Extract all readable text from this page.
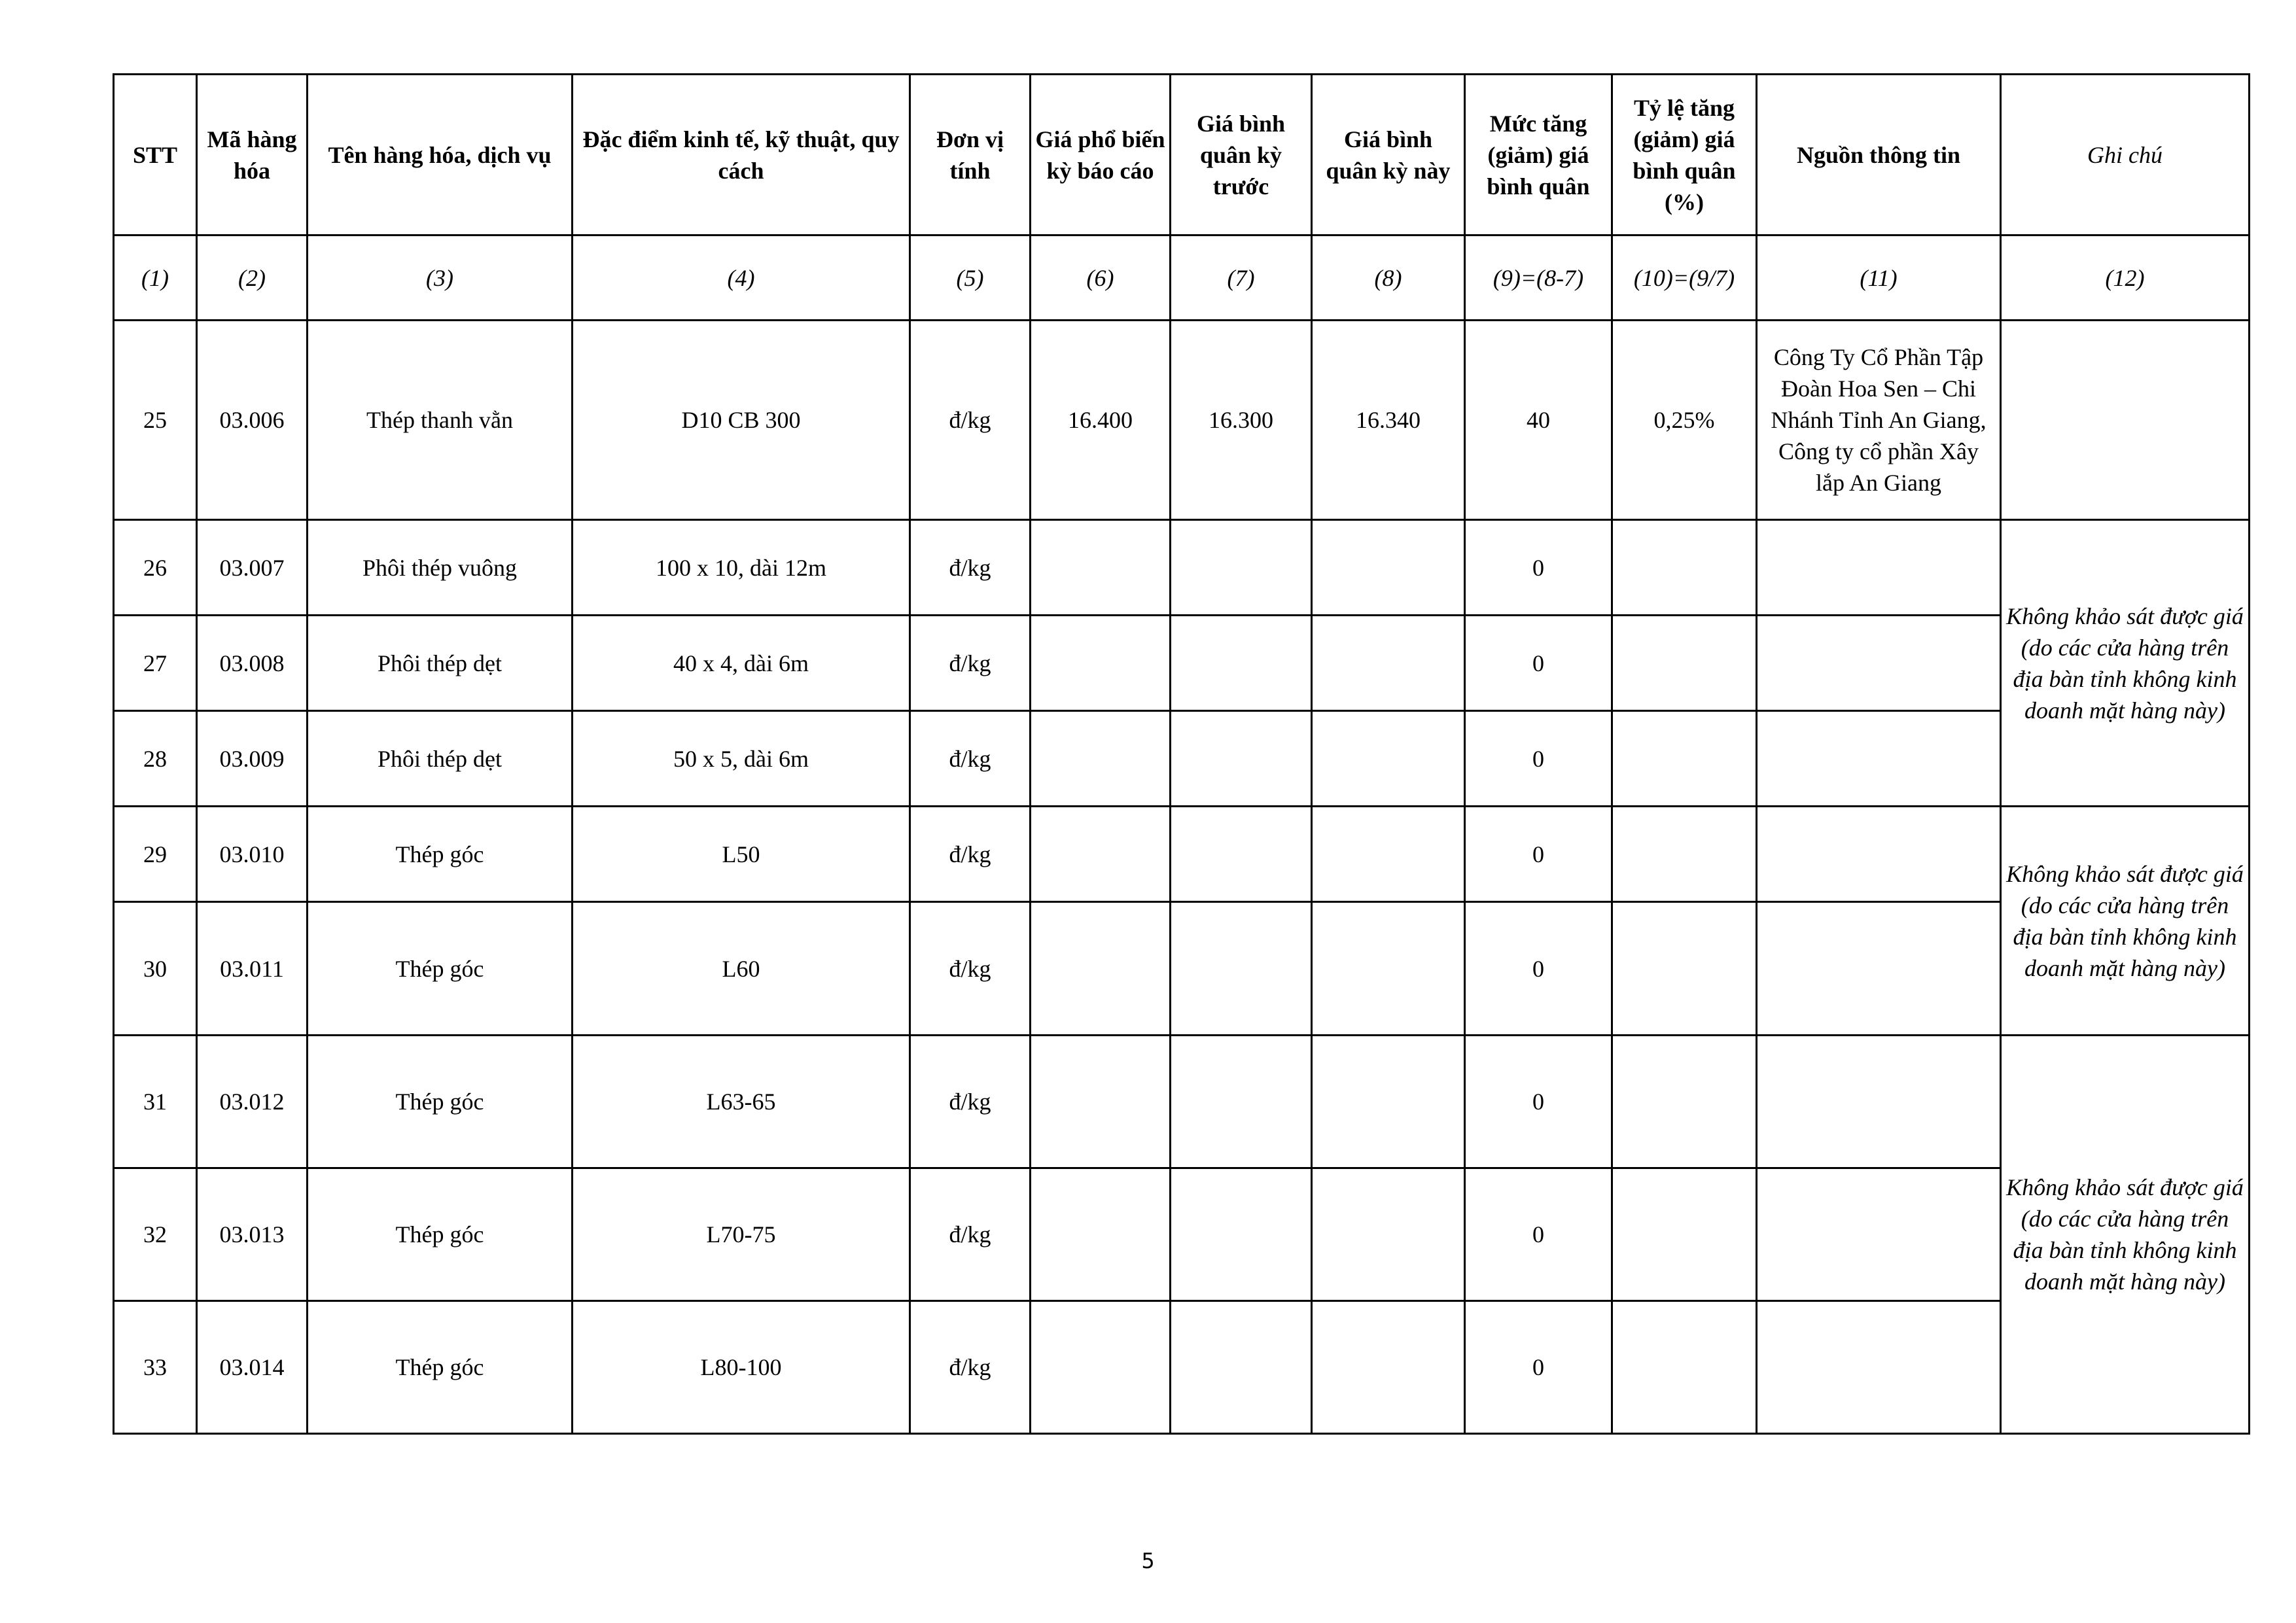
STT	Mã hàng hóa	Tên hàng hóa, dịch vụ	Đặc điểm kinh tế, kỹ thuật, quy cách	Đơn vị tính	Giá phổ biến kỳ báo cáo	Giá bình quân kỳ trước	Giá bình quân kỳ này	Mức tăng (giảm) giá bình quân	Tỷ lệ tăng (giảm) giá bình quân (%)	Nguồn thông tin	Ghi chú
(1)	(2)	(3)	(4)	(5)	(6)	(7)	(8)	(9)=(8-7)	(10)=(9/7)	(11)	(12)
25	03.006	Thép thanh vằn	D10 CB 300	đ/kg	16.400	16.300	16.340	40	0,25%	Công Ty Cổ Phần Tập Đoàn Hoa Sen – Chi Nhánh Tỉnh An Giang, Công ty cổ phần Xây lắp An Giang	
26	03.007	Phôi thép vuông	100 x 10, dài 12m	đ/kg				0			Không khảo sát được giá (do các cửa hàng trên địa bàn tỉnh không kinh doanh mặt hàng này)
27	03.008	Phôi thép dẹt	40 x 4, dài 6m	đ/kg				0			
28	03.009	Phôi thép dẹt	50 x 5, dài 6m	đ/kg				0			
29	03.010	Thép góc	L50	đ/kg				0			Không khảo sát được giá (do các cửa hàng trên địa bàn tỉnh không kinh doanh mặt hàng này)
30	03.011	Thép góc	L60	đ/kg				0			
31	03.012	Thép góc	L63-65	đ/kg				0			Không khảo sát được giá (do các cửa hàng trên địa bàn tỉnh không kinh doanh mặt hàng này)
32	03.013	Thép góc	L70-75	đ/kg				0			
33	03.014	Thép góc	L80-100	đ/kg				0			
5
